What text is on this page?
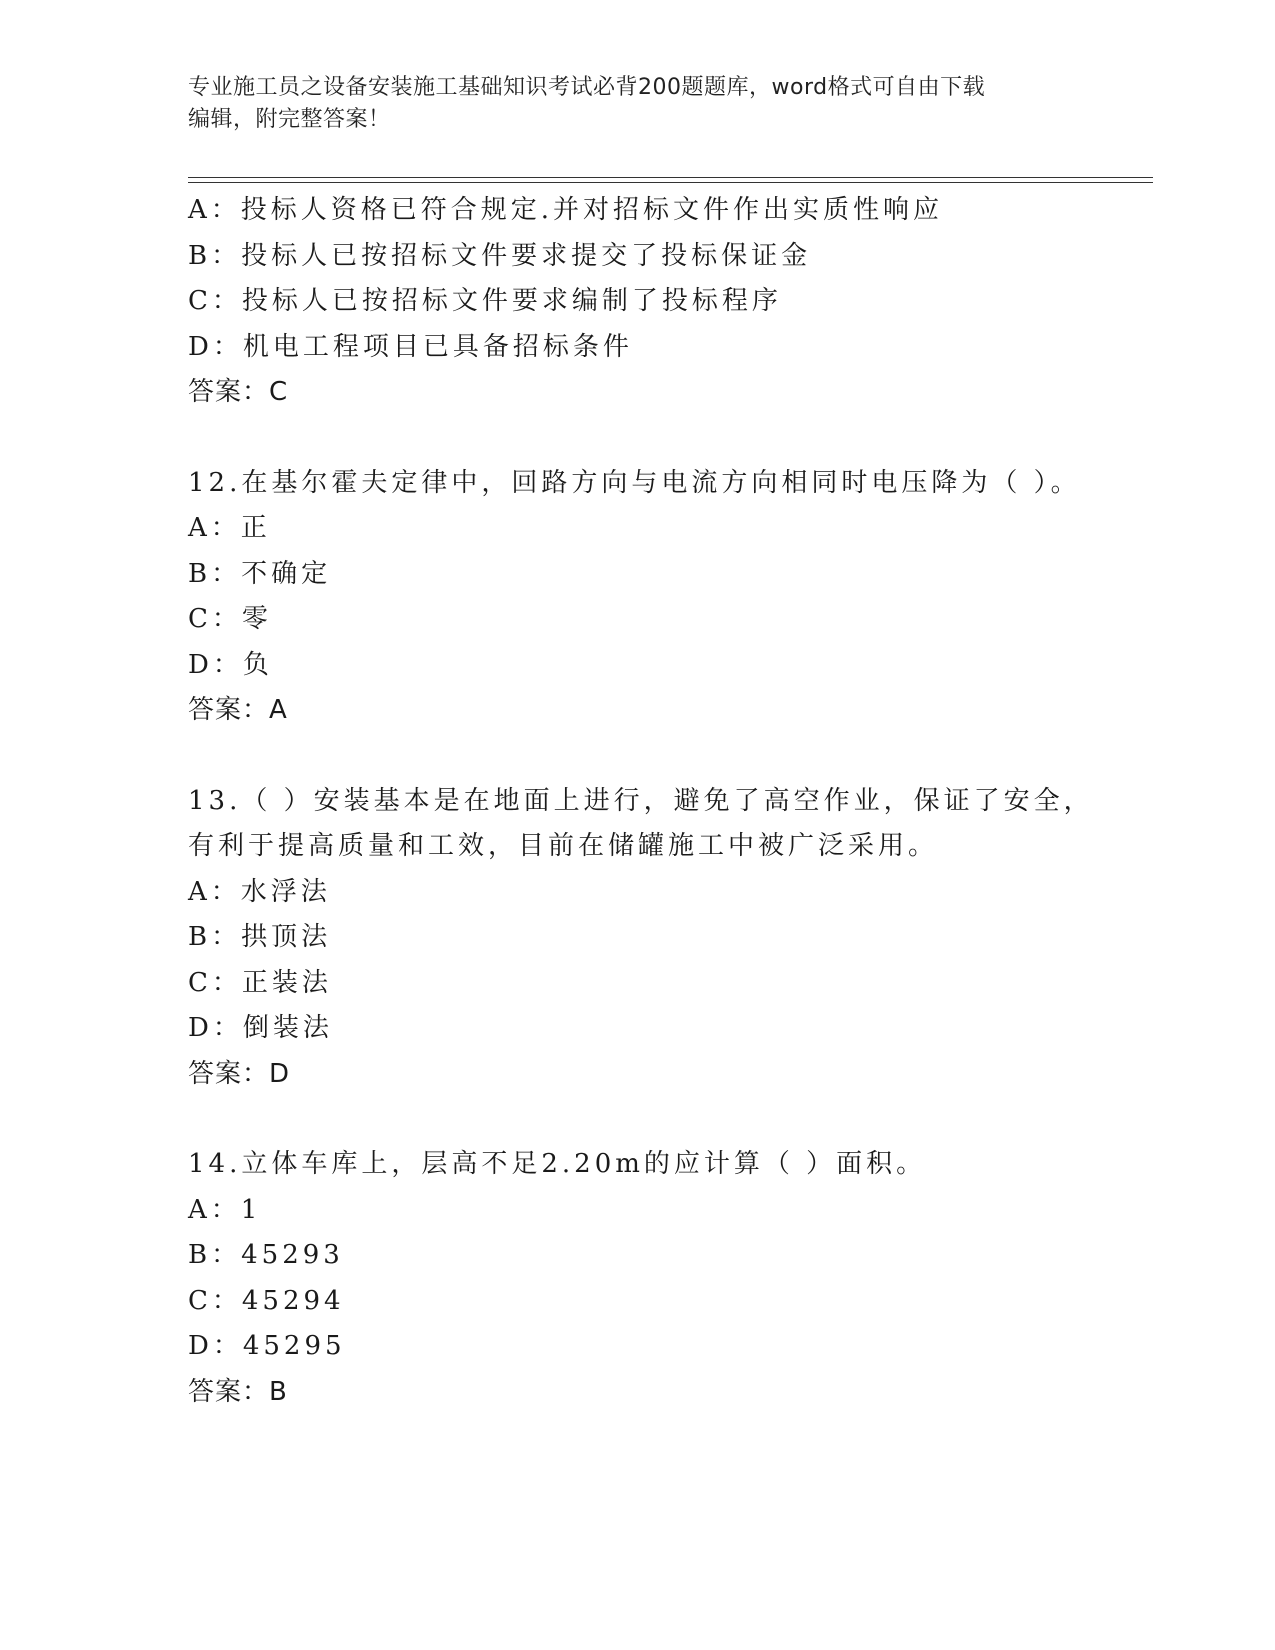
专业施工员之设备安装施工基础知识考试必背200题题库，word格式可自由下载
编辑，附完整答案！
A：投标人资格已符合规定.并对招标文件作出实质性响应
B：投标人已按招标文件要求提交了投标保证金
C：投标人已按招标文件要求编制了投标程序
D：机电工程项目已具备招标条件
答案：C
12.在基尔霍夫定律中，回路方向与电流方向相同时电压降为（ ）。
A：正
B：不确定
C：零
D：负
答案：A
13.（ ）安装基本是在地面上进行，避免了高空作业，保证了安全，
有利于提高质量和工效，目前在储罐施工中被广泛采用。
A：水浮法
B：拱顶法
C：正装法
D：倒装法
答案：D
14.立体车库上，层高不足2.20m的应计算（ ）面积。
A：1
B：45293
C：45294
D：45295
答案：B
